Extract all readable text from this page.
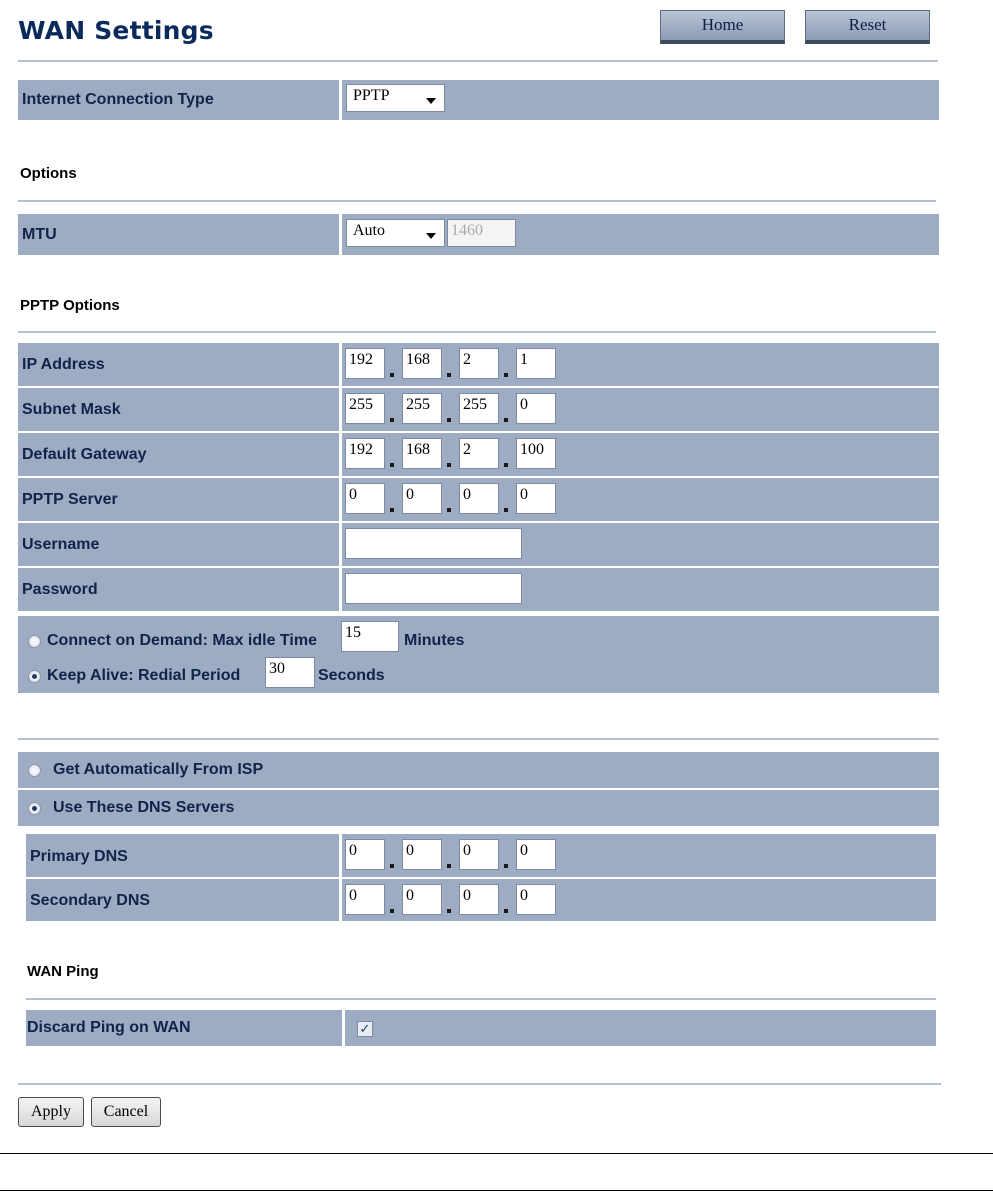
WAN Settings	Home	Reset
Internet Connection Type	PPTP
Options
MTU	Auto	1460
PPTP Options
IP Address	192	168	2	1
Subnet Mask	255	255	255	0
Default Gateway	192	168	2	100
PPTP Server	0	0	0	0
Username
Password
Connect on Demand: Max idle Time 15	Minutes
Keep Alive: Redial Period 30	Seconds
Get Automatically From ISP
Use These DNS Servers
Primary DNS	0	0	0	0
Secondary DNS	0	0	0	0
WAN Ping
Discard Ping on WAN	✓
Apply	Cancel
